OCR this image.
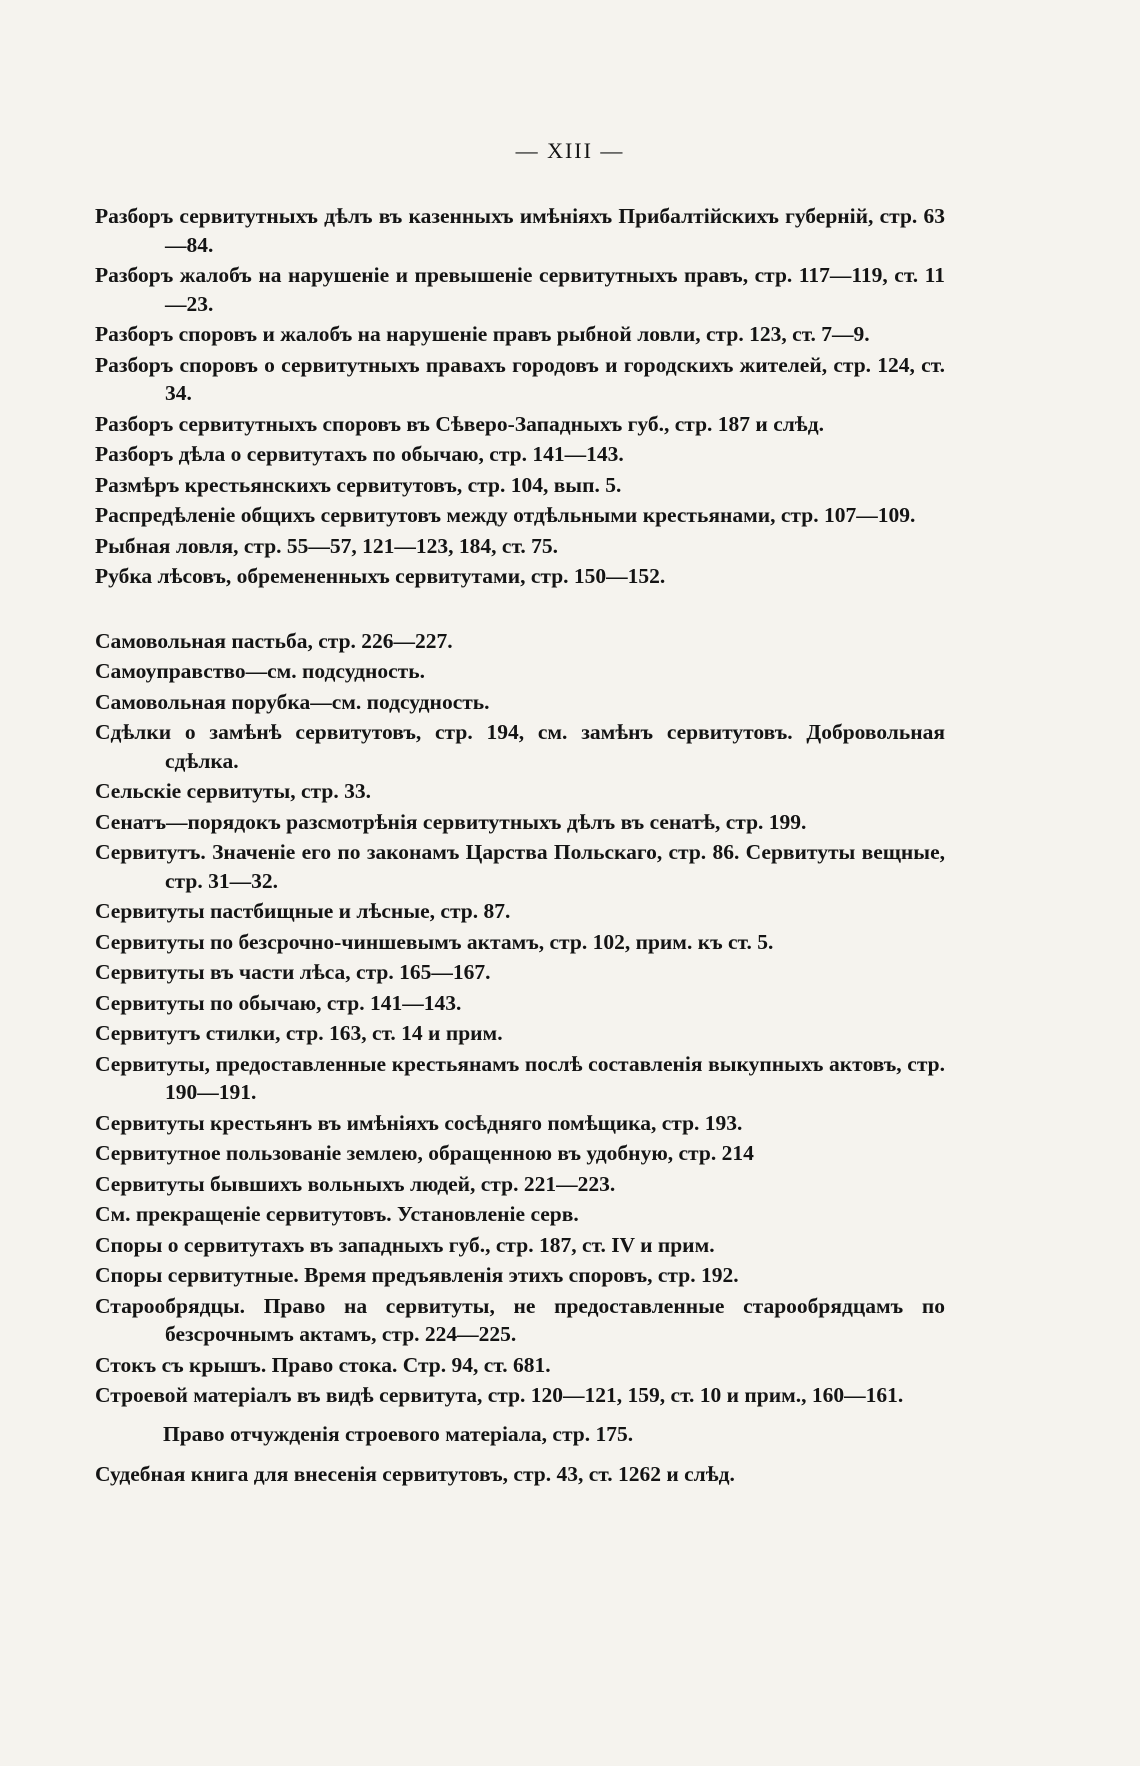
— XIII —
Разборъ сервитутныхъ дѣлъ въ казенныхъ имѣніяхъ Прибалтійскихъ губерній, стр. 63—84.
Разборъ жалобъ на нарушеніе и превышеніе сервитутныхъ правъ, стр. 117—119, ст. 11—23.
Разборъ споровъ и жалобъ на нарушеніе правъ рыбной ловли, стр. 123, ст. 7—9.
Разборъ споровъ о сервитутныхъ правахъ городовъ и городскихъ жителей, стр. 124, ст. 34.
Разборъ сервитутныхъ споровъ въ Сѣверо-Западныхъ губ., стр. 187 и слѣд.
Разборъ дѣла о сервитутахъ по обычаю, стр. 141—143.
Размѣръ крестьянскихъ сервитутовъ, стр. 104, вып. 5.
Распредѣленіе общихъ сервитутовъ между отдѣльными крестьянами, стр. 107—109.
Рыбная ловля, стр. 55—57, 121—123, 184, ст. 75.
Рубка лѣсовъ, обремененныхъ сервитутами, стр. 150—152.
Самовольная пастьба, стр. 226—227.
Самоуправство—см. подсудность.
Самовольная порубка—см. подсудность.
Сдѣлки о замѣнѣ сервитутовъ, стр. 194, см. замѣнъ сервитутовъ. Добровольная сдѣлка.
Сельскіе сервитуты, стр. 33.
Сенатъ—порядокъ разсмотрѣнія сервитутныхъ дѣлъ въ сенатѣ, стр. 199.
Сервитутъ. Значеніе его по законамъ Царства Польскаго, стр. 86. Сервитуты вещные, стр. 31—32.
Сервитуты пастбищные и лѣсные, стр. 87.
Сервитуты по безсрочно-чиншевымъ актамъ, стр. 102, прим. къ ст. 5.
Сервитуты въ части лѣса, стр. 165—167.
Сервитуты по обычаю, стр. 141—143.
Сервитутъ стилки, стр. 163, ст. 14 и прим.
Сервитуты, предоставленные крестьянамъ послѣ составленія выкупныхъ актовъ, стр. 190—191.
Сервитуты крестьянъ въ имѣніяхъ сосѣдняго помѣщика, стр. 193.
Сервитутное пользованіе землею, обращенною въ удобную, стр. 214
Сервитуты бывшихъ вольныхъ людей, стр. 221—223.
См. прекращеніе сервитутовъ. Установленіе серв.
Споры о сервитутахъ въ западныхъ губ., стр. 187, ст. IV и прим.
Споры сервитутные. Время предъявленія этихъ споровъ, стр. 192.
Старообрядцы. Право на сервитуты, не предоставленные старообрядцамъ по безсрочнымъ актамъ, стр. 224—225.
Стокъ съ крышъ. Право стока. Стр. 94, ст. 681.
Строевой матеріалъ въ видѣ сервитута, стр. 120—121, 159, ст. 10 и прим., 160—161.
Право отчужденія строевого матеріала, стр. 175.
Судебная книга для внесенія сервитутовъ, стр. 43, ст. 1262 и слѣд.
